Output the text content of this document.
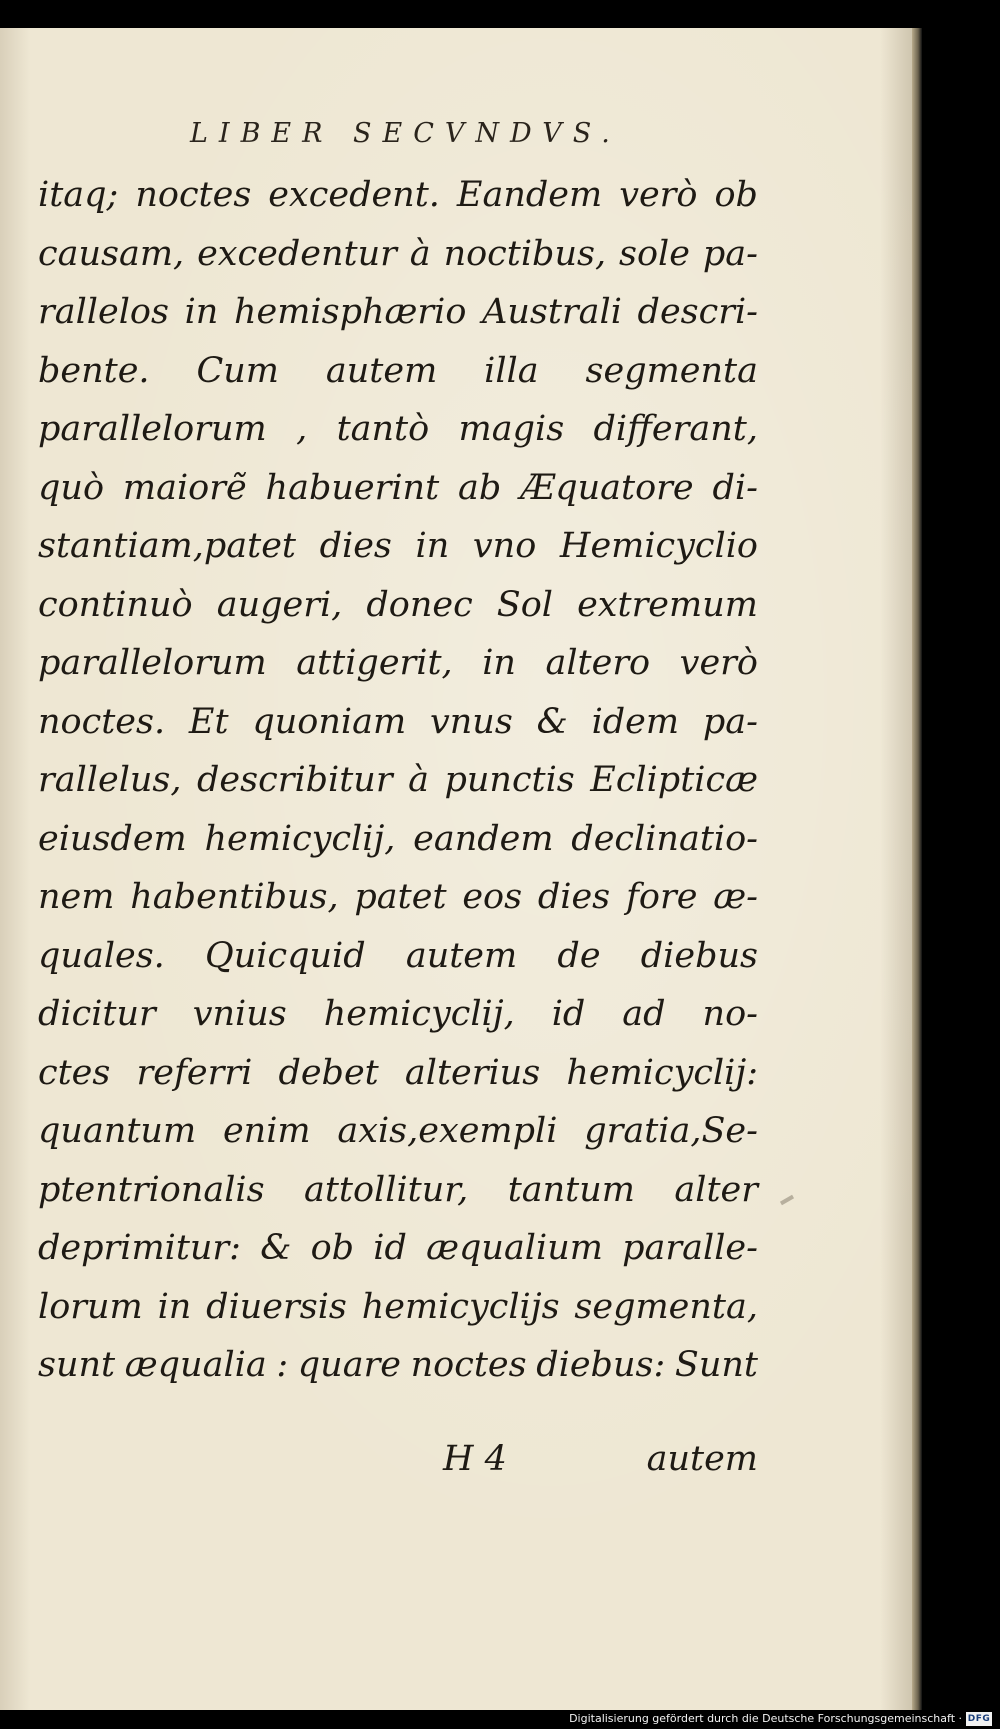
LIBER SECVNDVS.
itaq; noctes excedent. Eandem verò ob
causam, excedentur à noctibus, sole pa-
rallelos in hemisphærio Australi descri-
bente. Cum autem illa segmenta
parallelorum , tantò magis differant,
quò maiorẽ habuerint ab Æquatore di-
stantiam,patet dies in vno Hemicyclio
continuò augeri, donec Sol extremum
parallelorum attigerit, in altero verò
noctes. Et quoniam vnus & idem pa-
rallelus, describitur à punctis Eclipticæ
eiusdem hemicyclij, eandem declinatio-
nem habentibus, patet eos dies fore æ-
quales. Quicquid autem de diebus
dicitur vnius hemicyclij, id ad no-
ctes referri debet alterius hemicyclij:
quantum enim axis,exempli gratia,Se-
ptentrionalis attollitur, tantum alter
deprimitur: & ob id æqualium paralle-
lorum in diuersis hemicyclijs segmenta,
sunt æqualia : quare noctes diebus: Sunt
H 4	autem
Digitalisierung gefördert durch die Deutsche Forschungsgemeinschaft · DFG
